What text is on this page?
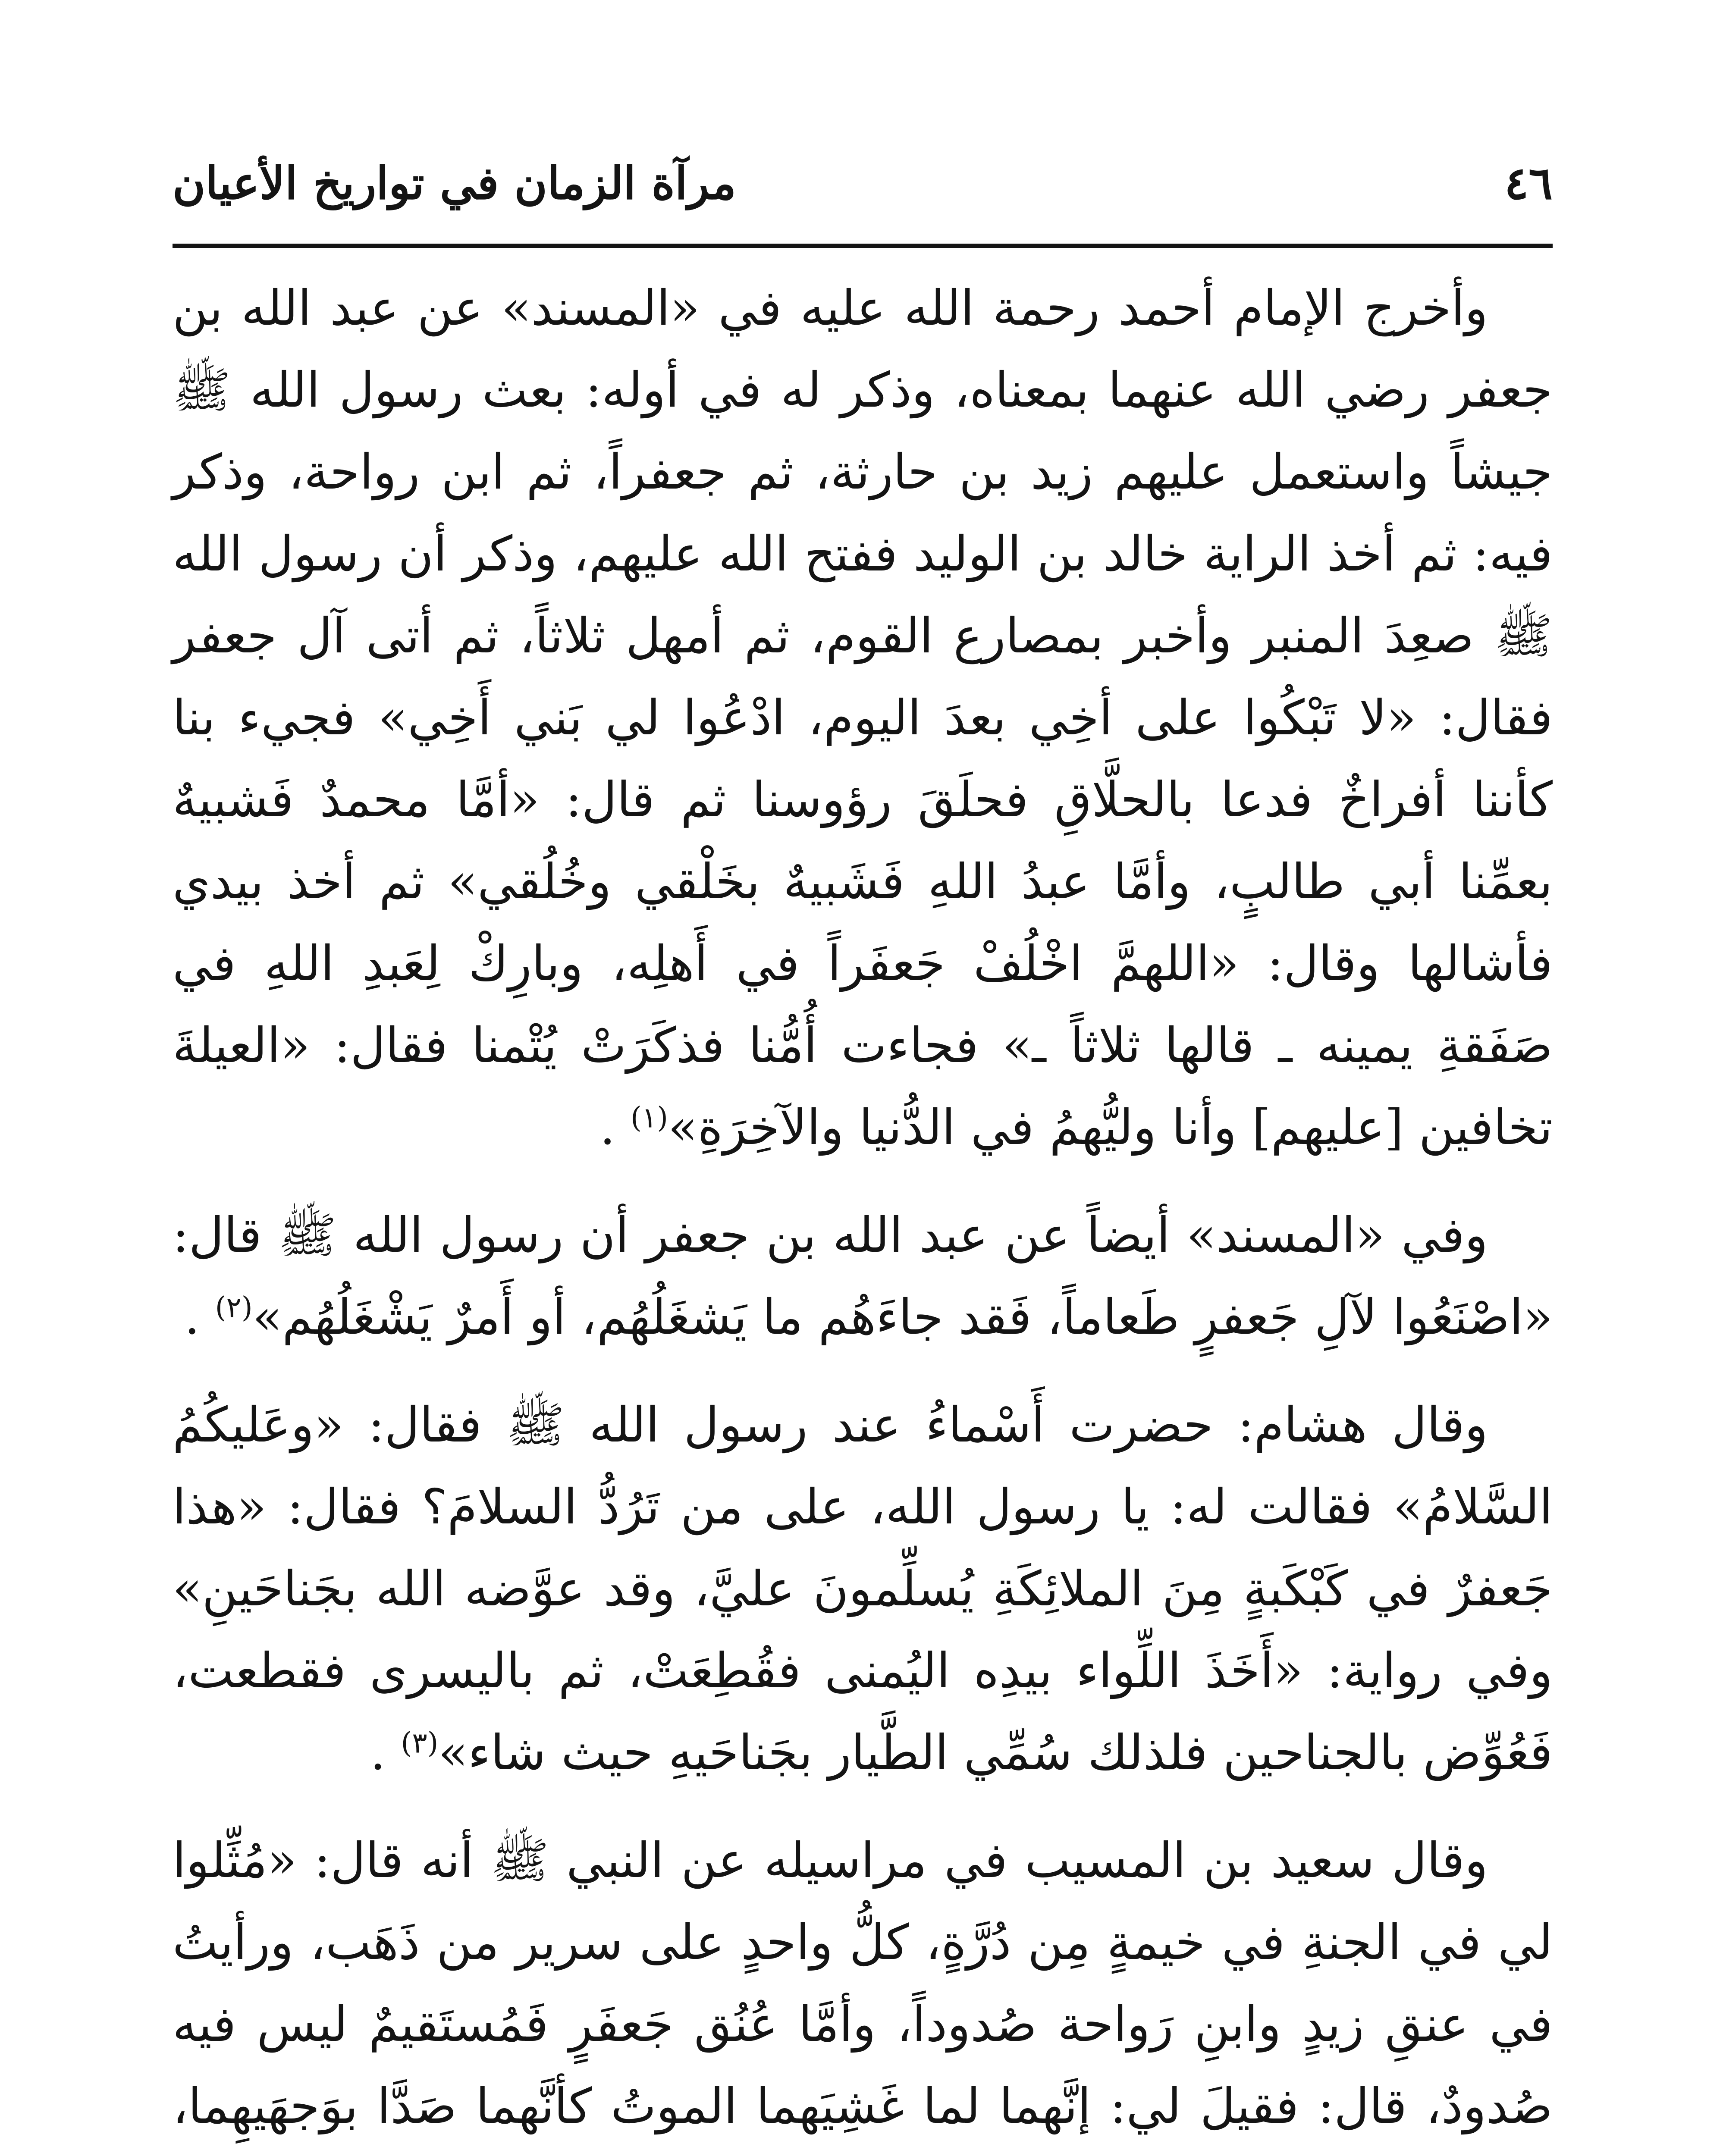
٤٦
مرآة الزمان في تواريخ الأعيان

وأخرج الإمام أحمد رحمة الله عليه في «المسند» عن عبد الله بن جعفر رضي الله عنهما بمعناه، وذكر له في أوله: بعث رسول الله ﷺ جيشاً واستعمل عليهم زيد بن حارثة، ثم جعفراً، ثم ابن رواحة، وذكر فيه: ثم أخذ الراية خالد بن الوليد ففتح الله عليهم، وذكر أن رسول الله ﷺ صعِدَ المنبر وأخبر بمصارع القوم، ثم أمهل ثلاثاً، ثم أتى آل جعفر فقال: «لا تَبْكُوا على أخِي بعدَ اليوم، ادْعُوا لي بَني أَخِي» فجيء بنا كأننا أفراخٌ فدعا بالحلَّاقِ فحلَقَ رؤوسنا ثم قال: «أمَّا محمدٌ فَشبيهٌ بعمِّنا أبي طالبٍ، وأمَّا عبدُ اللهِ فَشَبيهٌ بخَلْقي وخُلُقي» ثم أخذ بيدي فأشالها وقال: «اللهمَّ اخْلُفْ جَعفَراً في أَهلِه، وبارِكْ لِعَبدِ اللهِ في صَفَقةِ يمينه ـ قالها ثلاثاً ـ» فجاءت أُمُّنا فذكَرَتْ يُتْمنا فقال: «العيلةَ تخافين [عليهم] وأنا وليُّهمُ في الدُّنيا والآخِرَةِ»$^{(١)}$ .

وفي «المسند» أيضاً عن عبد الله بن جعفر أن رسول الله ﷺ قال: «اصْنَعُوا لآلِ جَعفرٍ طَعاماً، فَقد جاءَهُم ما يَشغَلُهُم، أو أَمرٌ يَشْغَلُهُم»$^{(٢)}$ .

وقال هشام: حضرت أَسْماءُ عند رسول الله ﷺ فقال: «وعَليكُمُ السَّلامُ» فقالت له: يا رسول الله، على من تَرُدُّ السلامَ؟ فقال: «هذا جَعفرٌ في كَبْكَبةٍ مِنَ الملائِكَةِ يُسلِّمونَ عليَّ، وقد عوَّضه الله بجَناحَينِ» وفي رواية: «أَخَذَ اللِّواء بيدِه اليُمنى فقُطِعَتْ، ثم باليسرى فقطعت، فَعُوِّض بالجناحين فلذلك سُمِّي الطَّيار بجَناحَيهِ حيث شاء»$^{(٣)}$ .

وقال سعيد بن المسيب في مراسيله عن النبي ﷺ أنه قال: «مُثِّلوا لي في الجنةِ في خيمةٍ مِن دُرَّةٍ، كلُّ واحدٍ على سرير من ذَهَب، ورأيتُ في عنقِ زيدٍ وابنِ رَواحة صُدوداً، وأمَّا عُنُق جَعفَرٍ فَمُستَقيمٌ ليس فيه صُدودٌ، قال: فقيلَ لي: إنَّهما لما غَشِيَهما الموتُ كأنَّهما صَدَّا بوَجهَيهِما،
